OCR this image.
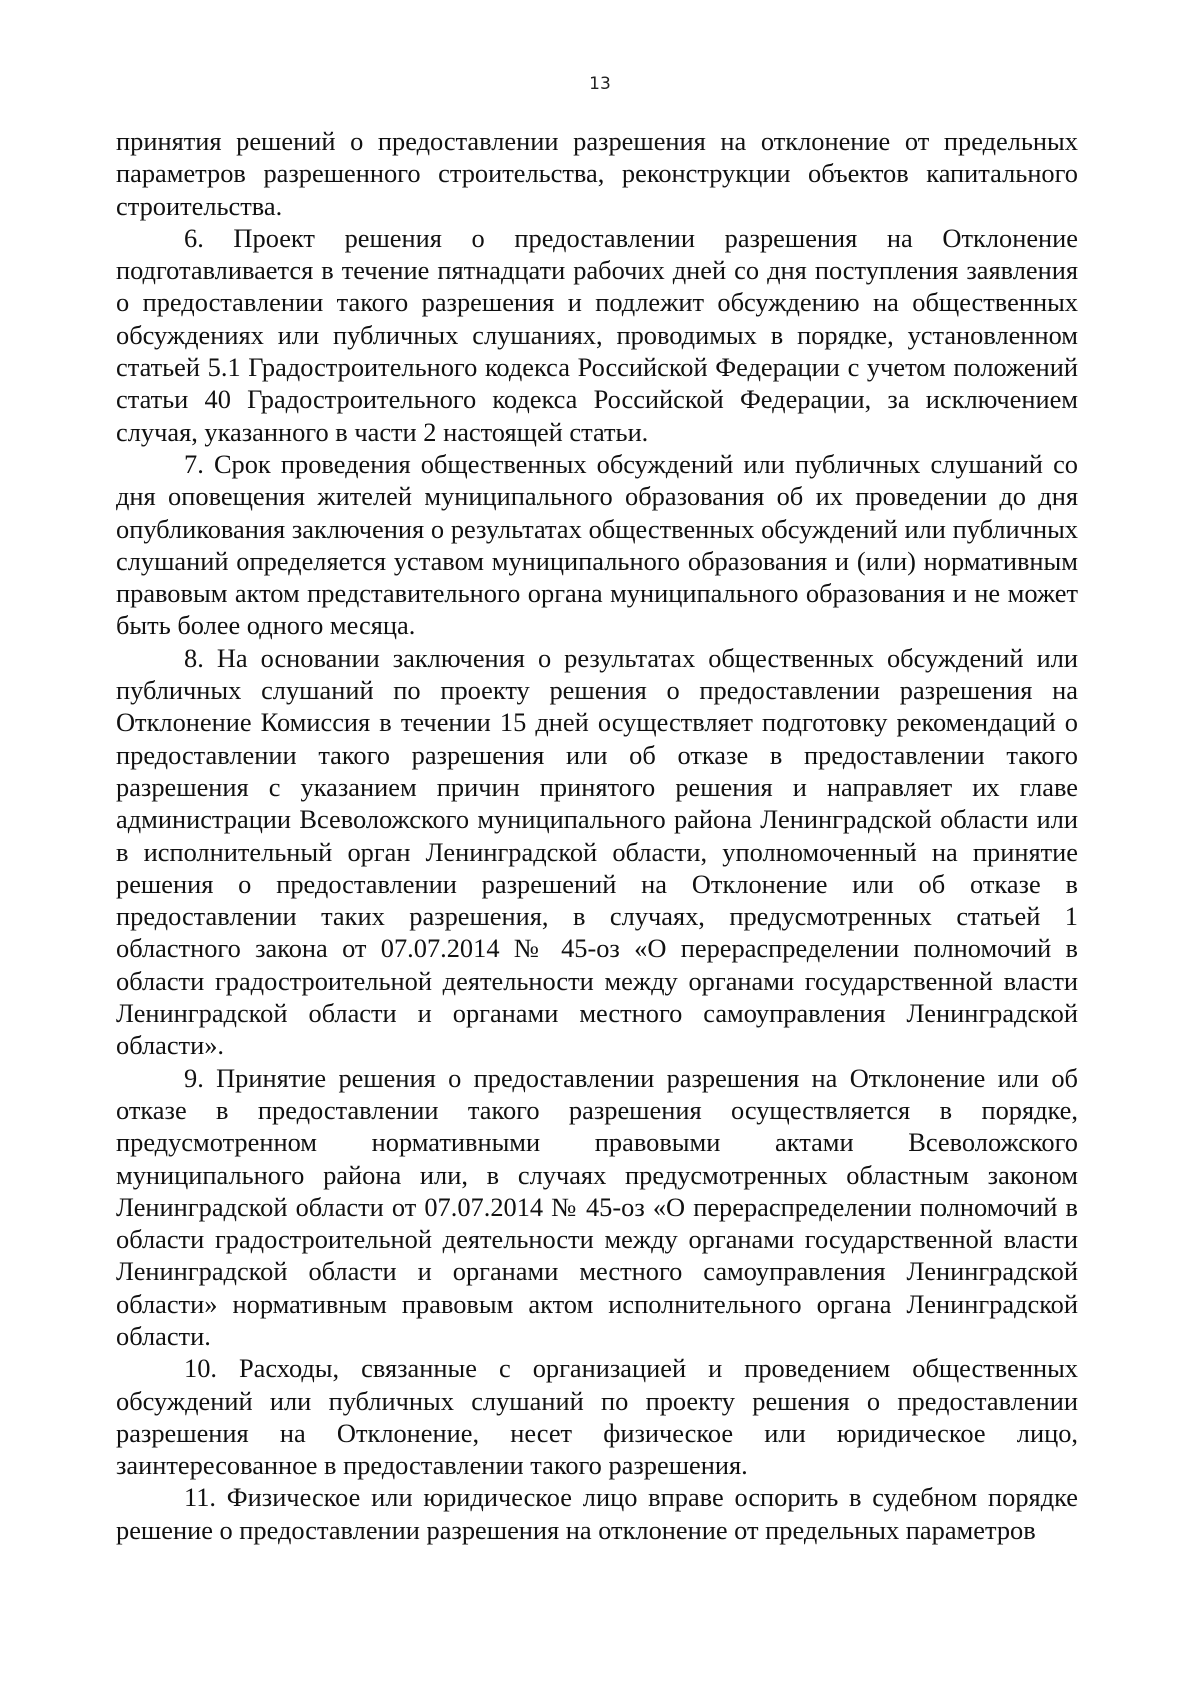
13

принятия решений о предоставлении разрешения на отклонение от предельных параметров разрешенного строительства, реконструкции объектов капитального строительства.

6. Проект решения о предоставлении разрешения на Отклонение подготавливается в течение пятнадцати рабочих дней со дня поступления заявления о предоставлении такого разрешения и подлежит обсуждению на общественных обсуждениях или публичных слушаниях, проводимых в порядке, установленном статьей 5.1 Градостроительного кодекса Российской Федерации с учетом положений статьи 40 Градостроительного кодекса Российской Федерации, за исключением случая, указанного в части 2 настоящей статьи.

7. Срок проведения общественных обсуждений или публичных слушаний со дня оповещения жителей муниципального образования об их проведении до дня опубликования заключения о результатах общественных обсуждений или публичных слушаний определяется уставом муниципального образования и (или) нормативным правовым актом представительного органа муниципального образования и не может быть более одного месяца.

8. На основании заключения о результатах общественных обсуждений или публичных слушаний по проекту решения о предоставлении разрешения на Отклонение Комиссия в течении 15 дней осуществляет подготовку рекомендаций о предоставлении такого разрешения или об отказе в предоставлении такого разрешения с указанием причин принятого решения и направляет их главе администрации Всеволожского муниципального района Ленинградской области или в исполнительный орган Ленинградской области, уполномоченный на принятие решения о предоставлении разрешений на Отклонение или об отказе в предоставлении таких разрешения, в случаях, предусмотренных статьей 1 областного закона от 07.07.2014 № 45-оз «О перераспределении полномочий в области градостроительной деятельности между органами государственной власти Ленинградской области и органами местного самоуправления Ленинградской области».

9. Принятие решения о предоставлении разрешения на Отклонение или об отказе в предоставлении такого разрешения осуществляется в порядке, предусмотренном нормативными правовыми актами Всеволожского муниципального района или, в случаях предусмотренных областным законом Ленинградской области от 07.07.2014 № 45-оз «О перераспределении полномочий в области градостроительной деятельности между органами государственной власти Ленинградской области и органами местного самоуправления Ленинградской области» нормативным правовым актом исполнительного органа Ленинградской области.

10. Расходы, связанные с организацией и проведением общественных обсуждений или публичных слушаний по проекту решения о предоставлении разрешения на Отклонение, несет физическое или юридическое лицо, заинтересованное в предоставлении такого разрешения.

11. Физическое или юридическое лицо вправе оспорить в судебном порядке решение о предоставлении разрешения на отклонение от предельных параметров
